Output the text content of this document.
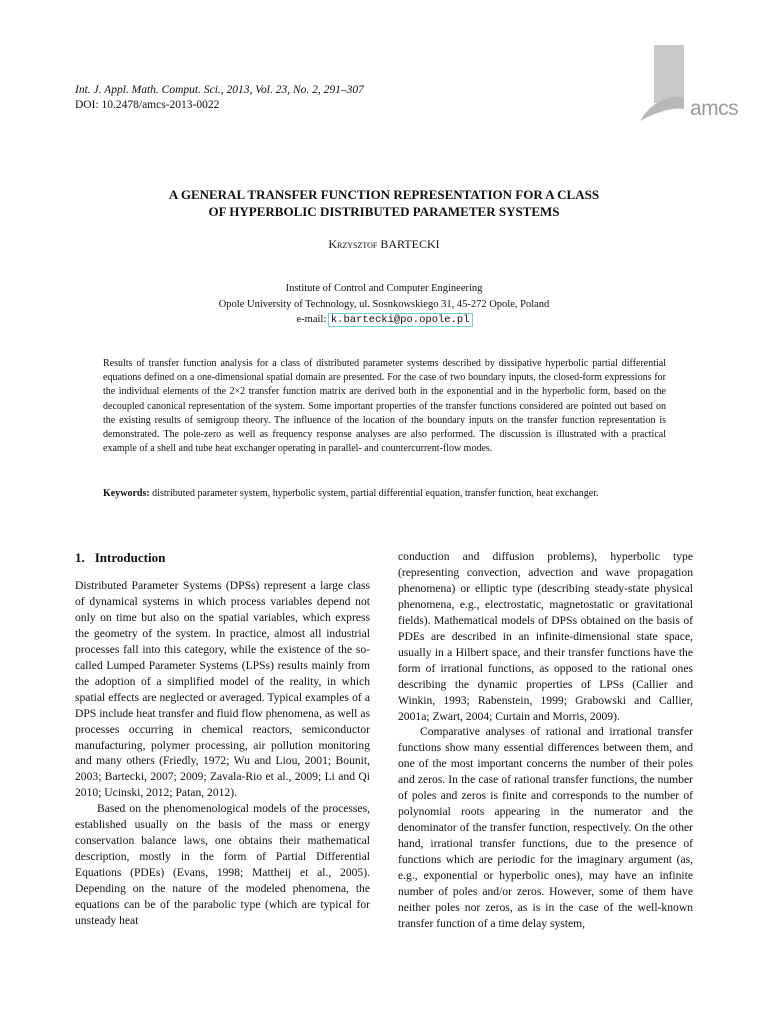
Int. J. Appl. Math. Comput. Sci., 2013, Vol. 23, No. 2, 291–307
DOI: 10.2478/amcs-2013-0022	amcs
A GENERAL TRANSFER FUNCTION REPRESENTATION FOR A CLASS
OF HYPERBOLIC DISTRIBUTED PARAMETER SYSTEMS
Krzysztof BARTECKI
Institute of Control and Computer Engineering
Opole University of Technology, ul. Sosnkowskiego 31, 45-272 Opole, Poland
e-mail: k.bartecki@po.opole.pl
Results of transfer function analysis for a class of distributed parameter systems described by dissipative hyperbolic partial differential equations defined on a one-dimensional spatial domain are presented. For the case of two boundary inputs, the closed-form expressions for the individual elements of the 2×2 transfer function matrix are derived both in the exponential and in the hyperbolic form, based on the decoupled canonical representation of the system. Some important properties of the transfer functions considered are pointed out based on the existing results of semigroup theory. The influence of the location of the boundary inputs on the transfer function representation is demonstrated. The pole-zero as well as frequency response analyses are also performed. The discussion is illustrated with a practical example of a shell and tube heat exchanger operating in parallel- and countercurrent-flow modes.
Keywords: distributed parameter system, hyperbolic system, partial differential equation, transfer function, heat exchanger.
1. Introduction

Distributed Parameter Systems (DPSs) represent a large class of dynamical systems in which process variables depend not only on time but also on the spatial variables, which express the geometry of the system. In practice, almost all industrial processes fall into this category, while the existence of the so-called Lumped Parameter Systems (LPSs) results mainly from the adoption of a simplified model of the reality, in which spatial effects are neglected or averaged. Typical examples of a DPS include heat transfer and fluid flow phenomena, as well as processes occurring in chemical reactors, semiconductor manufacturing, polymer processing, air pollution monitoring and many others (Friedly, 1972; Wu and Liou, 2001; Bounit, 2003; Bartecki, 2007; 2009; Zavala-Rio et al., 2009; Li and Qi 2010; Ucinski, 2012; Patan, 2012).

Based on the phenomenological models of the processes, established usually on the basis of the mass or energy conservation balance laws, one obtains their mathematical description, mostly in the form of Partial Differential Equations (PDEs) (Evans, 1998; Mattheij et al., 2005). Depending on the nature of the modeled phenomena, the equations can be of the parabolic type (which are typical for unsteady heat

conduction and diffusion problems), hyperbolic type (representing convection, advection and wave propagation phenomena) or elliptic type (describing steady-state physical phenomena, e.g., electrostatic, magnetostatic or gravitational fields). Mathematical models of DPSs obtained on the basis of PDEs are described in an infinite-dimensional state space, usually in a Hilbert space, and their transfer functions have the form of irrational functions, as opposed to the rational ones describing the dynamic properties of LPSs (Callier and Winkin, 1993; Rabenstein, 1999; Grabowski and Callier, 2001a; Zwart, 2004; Curtain and Morris, 2009).

Comparative analyses of rational and irrational transfer functions show many essential differences between them, and one of the most important concerns the number of their poles and zeros. In the case of rational transfer functions, the number of poles and zeros is finite and corresponds to the number of polynomial roots appearing in the numerator and the denominator of the transfer function, respectively. On the other hand, irrational transfer functions, due to the presence of functions which are periodic for the imaginary argument (as, e.g., exponential or hyperbolic ones), may have an infinite number of poles and/or zeros. However, some of them have neither poles nor zeros, as is in the case of the well-known transfer function of a time delay system,
